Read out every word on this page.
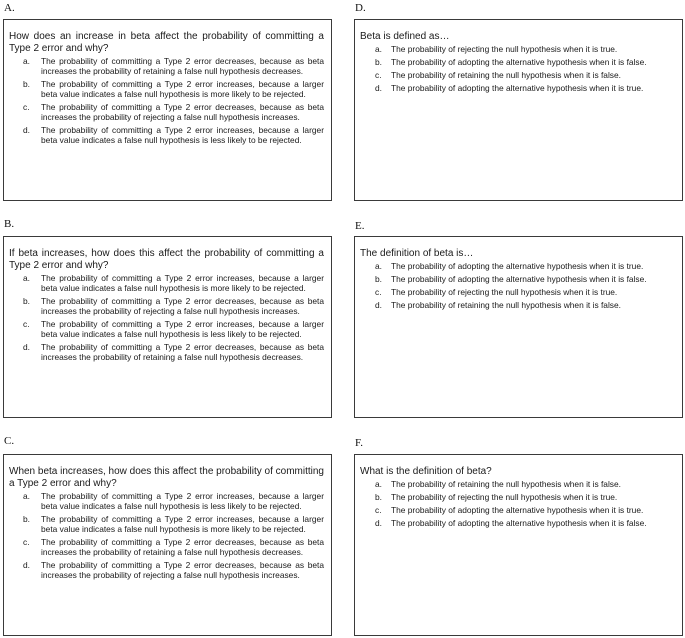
A.

How does an increase in beta affect the probability of committing a Type 2 error and why?

a.	The probability of committing a Type 2 error decreases, because as beta increases the probability of retaining a false null hypothesis decreases.
b.	The probability of committing a Type 2 error increases, because a larger beta value indicates a false null hypothesis is more likely to be rejected.
c.	The probability of committing a Type 2 error decreases, because as beta increases the probability of rejecting a false null hypothesis increases.
d.	The probability of committing a Type 2 error increases, because a larger beta value indicates a false null hypothesis is less likely to be rejected.
B.

If beta increases, how does this affect the probability of committing a Type 2 error and why?

a.	The probability of committing a Type 2 error increases, because a larger beta value indicates a false null hypothesis is more likely to be rejected.
b.	The probability of committing a Type 2 error decreases, because as beta increases the probability of rejecting a false null hypothesis increases.
c.	The probability of committing a Type 2 error increases, because a larger beta value indicates a false null hypothesis is less likely to be rejected.
d.	The probability of committing a Type 2 error decreases, because as beta increases the probability of retaining a false null hypothesis decreases.
C.

When beta increases, how does this affect the probability of committing a Type 2 error and why?

a.	The probability of committing a Type 2 error increases, because a larger beta value indicates a false null hypothesis is less likely to be rejected.
b.	The probability of committing a Type 2 error increases, because a larger beta value indicates a false null hypothesis is more likely to be rejected.
c.	The probability of committing a Type 2 error decreases, because as beta increases the probability of retaining a false null hypothesis decreases.
d.	The probability of committing a Type 2 error decreases, because as beta increases the probability of rejecting a false null hypothesis increases.
D.

Beta is defined as…

a.	The probability of rejecting the null hypothesis when it is true.
b.	The probability of adopting the alternative hypothesis when it is false.
c.	The probability of retaining the null hypothesis when it is false.
d.	The probability of adopting the alternative hypothesis when it is true.
E.

The definition of beta is…

a.	The probability of adopting the alternative hypothesis when it is true.
b.	The probability of adopting the alternative hypothesis when it is false.
c.	The probability of rejecting the null hypothesis when it is true.
d.	The probability of retaining the null hypothesis when it is false.
F.

What is the definition of beta?

a.	The probability of retaining the null hypothesis when it is false.
b.	The probability of rejecting the null hypothesis when it is true.
c.	The probability of adopting the alternative hypothesis when it is true.
d.	The probability of adopting the alternative hypothesis when it is false.
